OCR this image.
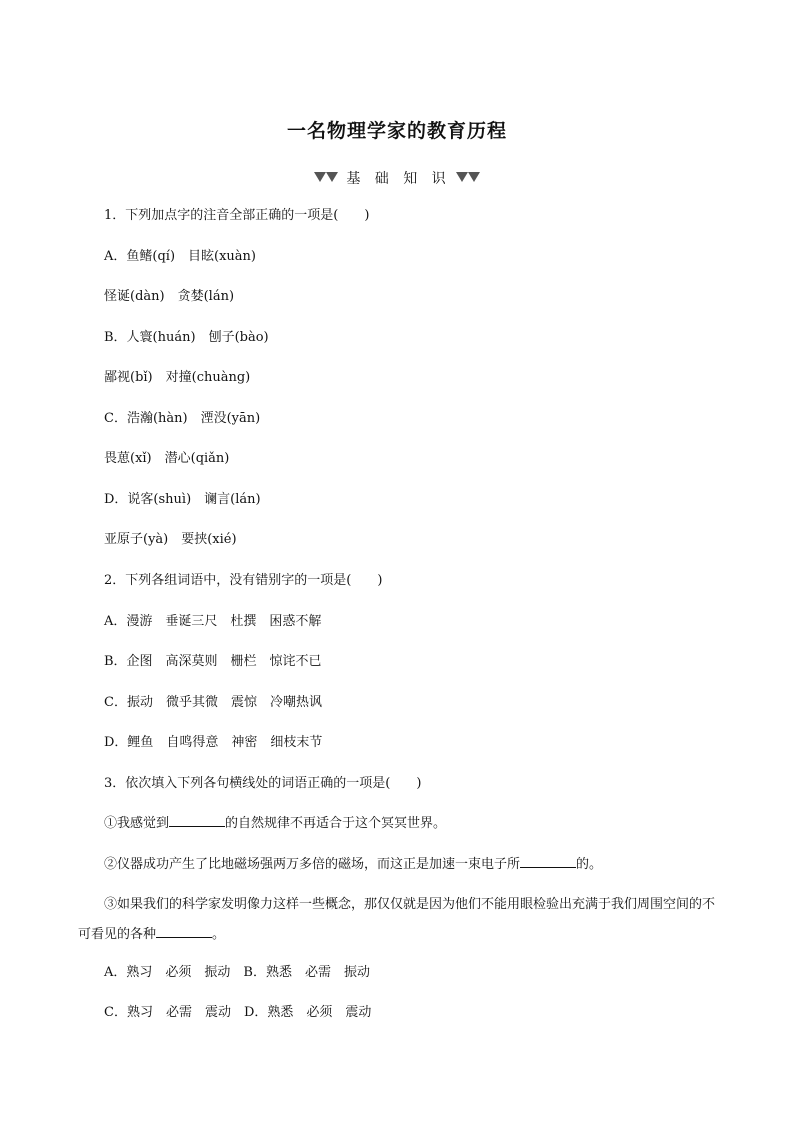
一名物理学家的教育历程
基 础 知 识
1．下列加点字的注音全部正确的一项是(　　)
A．鱼鳍(qí)　目眩(xuàn)
怪诞(dàn)　贪婪(lán)
B．人寰(huán)　刨子(bào)
鄙视(bǐ)　对撞(chuàng)
C．浩瀚(hàn)　湮没(yān)
畏葸(xǐ)　潜心(qiǎn)
D．说客(shuì)　谰言(lán)
亚原子(yà)　要挟(xié)
2．下列各组词语中，没有错别字的一项是(　　)
A．漫游　垂诞三尺　杜撰　困惑不解
B．企图　高深莫则　栅栏　惊诧不已
C．振动　微乎其微　震惊　冷嘲热讽
D．鲤鱼　自鸣得意　神密　细枝末节
3．依次填入下列各句横线处的词语正确的一项是(　　)
①我感觉到	的自然规律不再适合于这个冥冥世界。
②仪器成功产生了比地磁场强两万多倍的磁场，而这正是加速一束电子所	的。
③如果我们的科学家发明像力这样一些概念，那仅仅就是因为他们不能用眼检验出充满于我们周围空间的不可看见的各种	。
A．熟习　必须　振动　B．熟悉　必需　振动
C．熟习　必需　震动　D．熟悉　必须　震动
